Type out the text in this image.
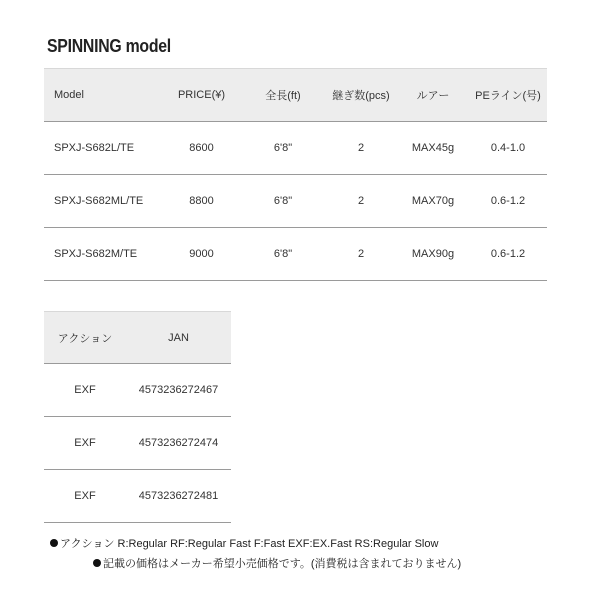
SPINNING model
Model	PRICE(¥)	全長(ft)	継ぎ数(pcs)	ルアー	PEライン(号)
SPXJ-S682L/TE	8600	6'8"	2	MAX45g	0.4-1.0
SPXJ-S682ML/TE	8800	6'8"	2	MAX70g	0.6-1.2
SPXJ-S682M/TE	9000	6'8"	2	MAX90g	0.6-1.2
アクション	JAN
EXF	4573236272467
EXF	4573236272474
EXF	4573236272481
アクション R:Regular RF:Regular Fast F:Fast EXF:EX.Fast RS:Regular Slow
記載の価格はメーカー希望小売価格です。(消費税は含まれておりません)
